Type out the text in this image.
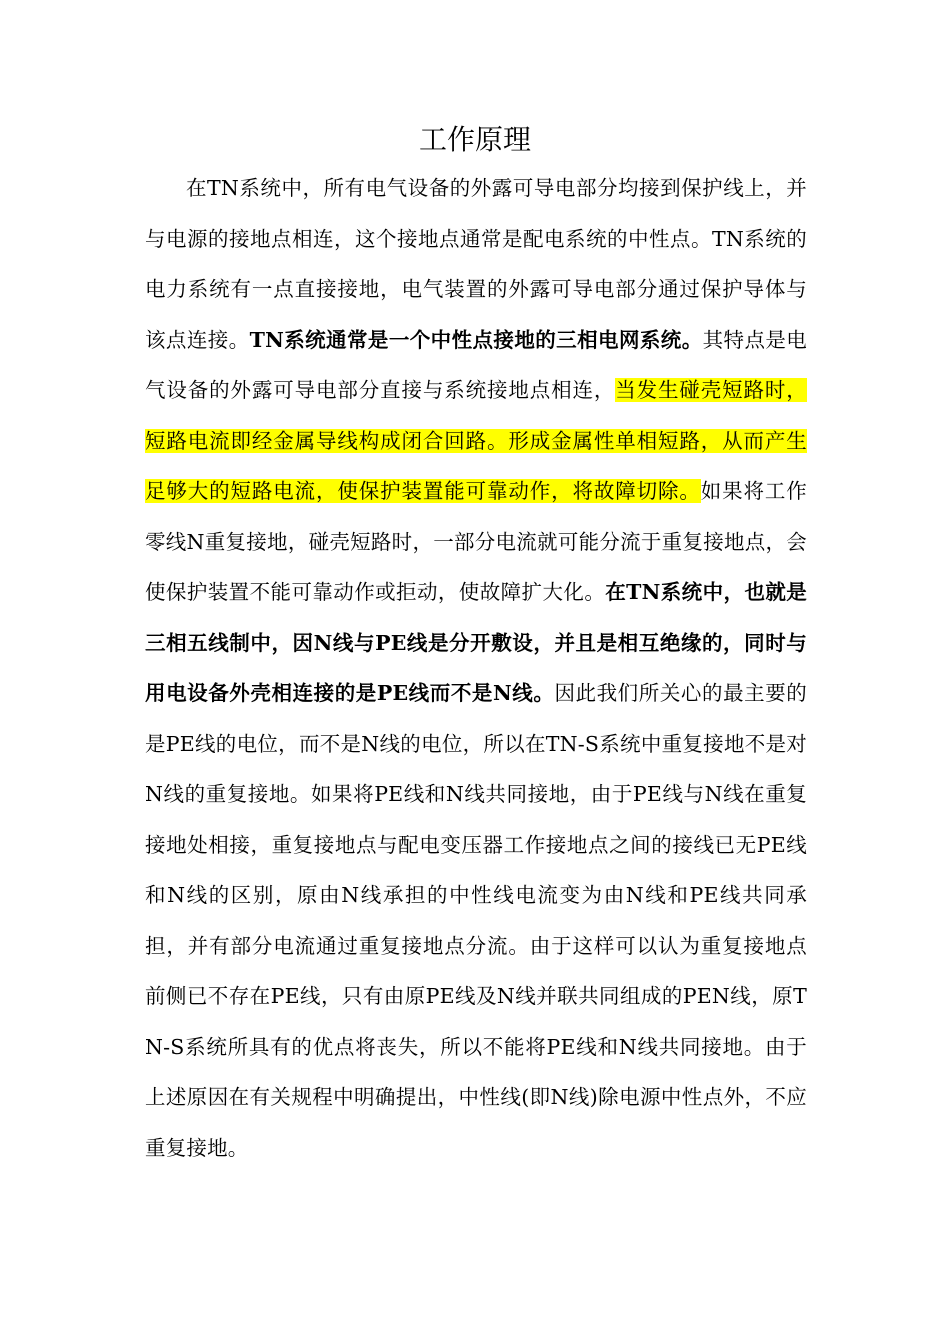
工作原理

在TN系统中，所有电气设备的外露可导电部分均接到保护线上，并与电源的接地点相连，这个接地点通常是配电系统的中性点。TN系统的电力系统有一点直接接地，电气装置的外露可导电部分通过保护导体与该点连接。TN系统通常是一个中性点接地的三相电网系统。其特点是电气设备的外露可导电部分直接与系统接地点相连，当发生碰壳短路时，短路电流即经金属导线构成闭合回路。形成金属性单相短路，从而产生足够大的短路电流，使保护装置能可靠动作，将故障切除。如果将工作零线N重复接地，碰壳短路时，一部分电流就可能分流于重复接地点，会使保护装置不能可靠动作或拒动，使故障扩大化。在TN系统中，也就是三相五线制中，因N线与PE线是分开敷设，并且是相互绝缘的，同时与用电设备外壳相连接的是PE线而不是N线。因此我们所关心的最主要的是PE线的电位，而不是N线的电位，所以在TN-S系统中重复接地不是对N线的重复接地。如果将PE线和N线共同接地，由于PE线与N线在重复接地处相接，重复接地点与配电变压器工作接地点之间的接线已无PE线和N线的区别，原由N线承担的中性线电流变为由N线和PE线共同承担，并有部分电流通过重复接地点分流。由于这样可以认为重复接地点前侧已不存在PE线，只有由原PE线及N线并联共同组成的PEN线，原TN-S系统所具有的优点将丧失，所以不能将PE线和N线共同接地。由于上述原因在有关规程中明确提出，中性线(即N线)除电源中性点外，不应重复接地。
